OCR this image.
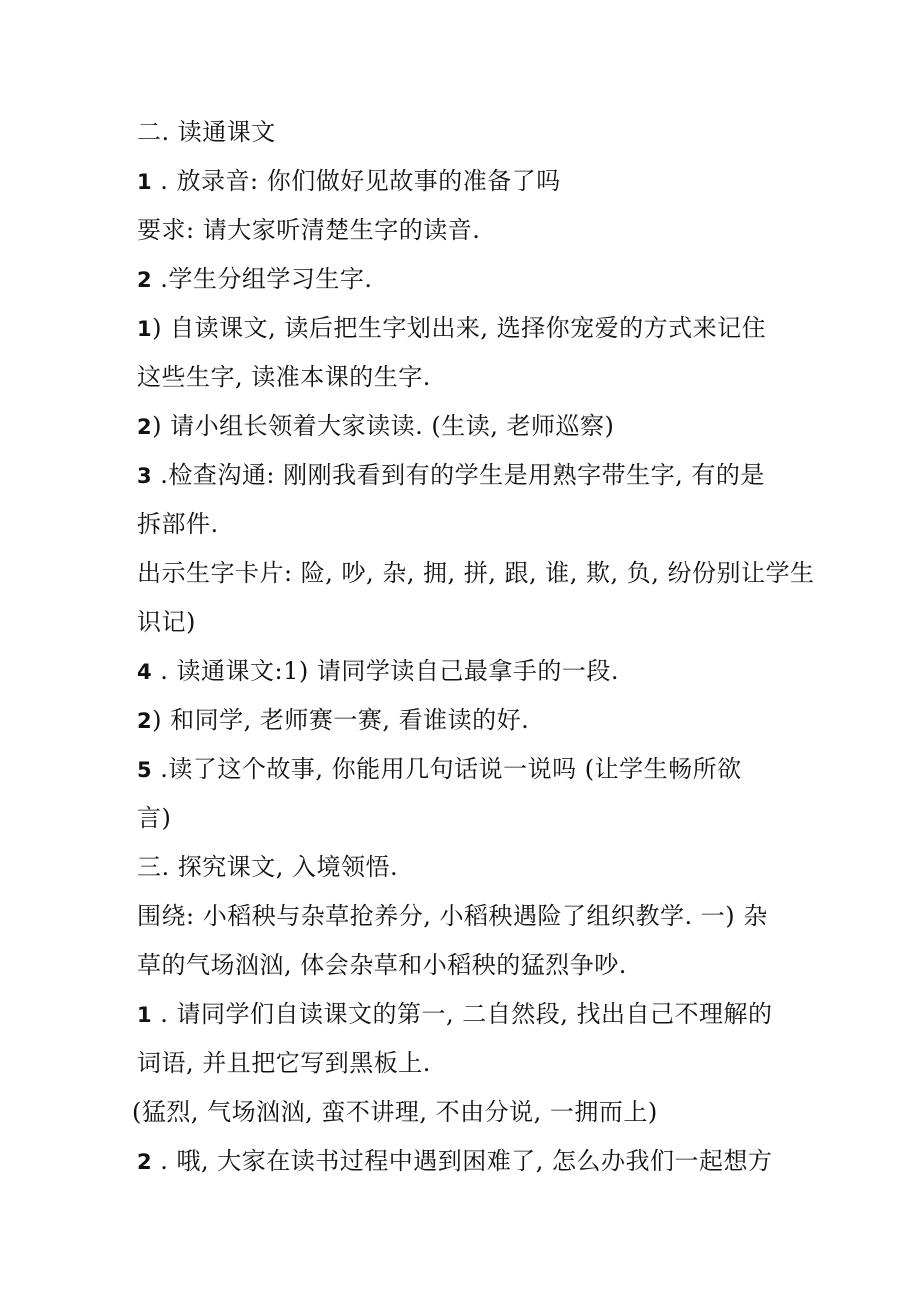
二. 读通课文
1 . 放录音: 你们做好见故事的准备了吗
要求: 请大家听清楚生字的读音.
2 .学生分组学习生字.
1) 自读课文, 读后把生字划出来, 选择你宠爱的方式来记住
这些生字, 读准本课的生字.
2) 请小组长领着大家读读. (生读, 老师巡察)
3 .检查沟通: 刚刚我看到有的学生是用熟字带生字, 有的是
拆部件.
出示生字卡片: 险, 吵, 杂, 拥, 拼, 跟, 谁, 欺, 负, 纷份别让学生
识记)
4 . 读通课文:1) 请同学读自己最拿手的一段.
2) 和同学, 老师赛一赛, 看谁读的好.
5 .读了这个故事, 你能用几句话说一说吗 (让学生畅所欲
言)
三. 探究课文, 入境领悟.
围绕: 小稻秧与杂草抢养分, 小稻秧遇险了组织教学. 一) 杂
草的气场汹汹, 体会杂草和小稻秧的猛烈争吵.
1 . 请同学们自读课文的第一, 二自然段, 找出自己不理解的
词语, 并且把它写到黑板上.
(猛烈, 气场汹汹, 蛮不讲理, 不由分说, 一拥而上)
2 . 哦, 大家在读书过程中遇到困难了, 怎么办我们一起想方
